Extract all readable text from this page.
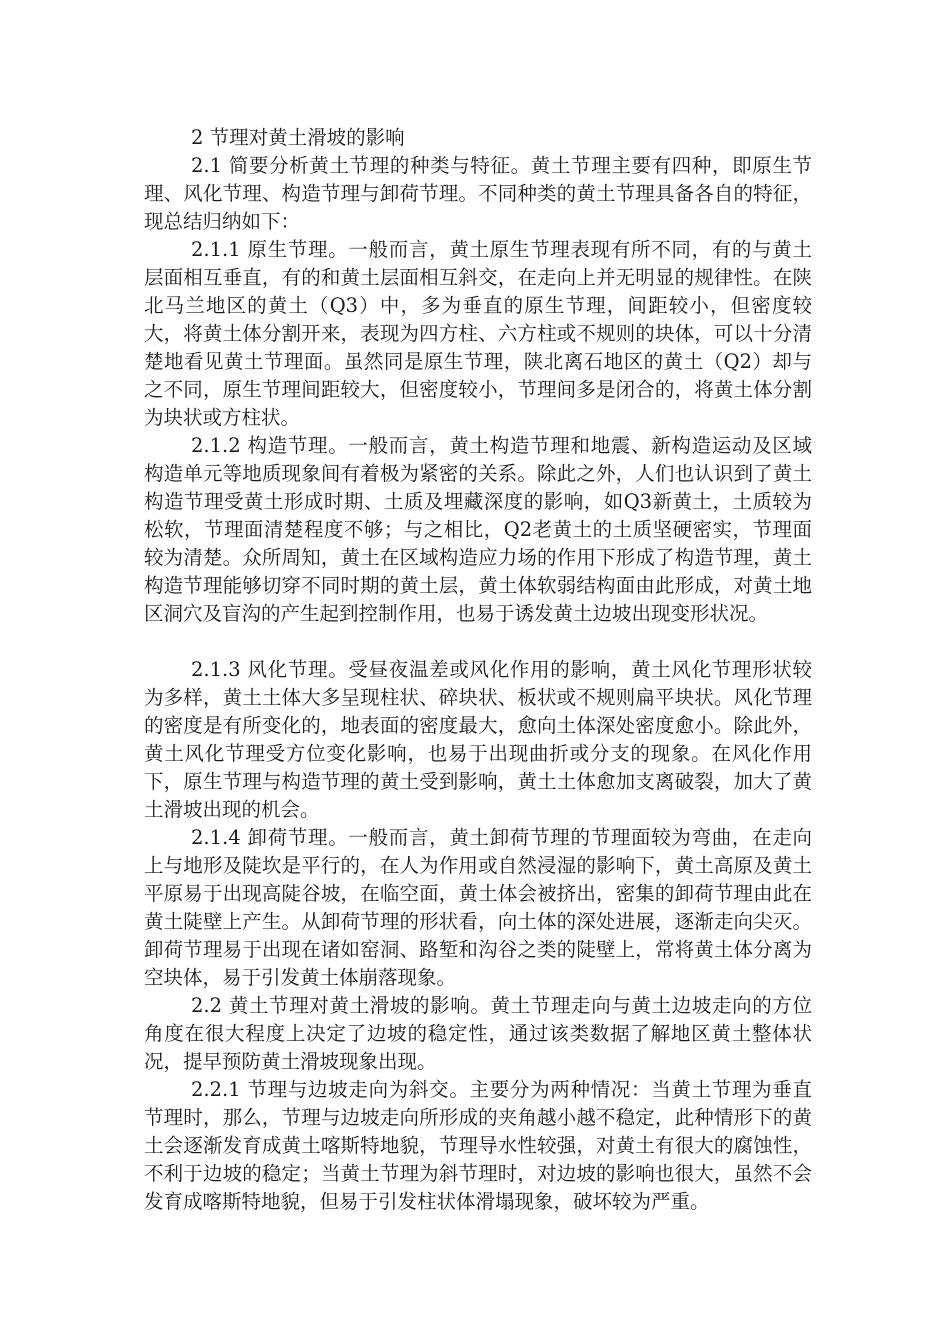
2 节理对黄土滑坡的影响

2.1 简要分析黄土节理的种类与特征。黄土节理主要有四种，即原生节理、风化节理、构造节理与卸荷节理。不同种类的黄土节理具备各自的特征，现总结归纳如下：

2.1.1 原生节理。一般而言，黄土原生节理表现有所不同，有的与黄土层面相互垂直，有的和黄土层面相互斜交，在走向上并无明显的规律性。在陕北马兰地区的黄土（Q3）中，多为垂直的原生节理，间距较小，但密度较大，将黄土体分割开来，表现为四方柱、六方柱或不规则的块体，可以十分清楚地看见黄土节理面。虽然同是原生节理，陕北离石地区的黄土（Q2）却与之不同，原生节理间距较大，但密度较小，节理间多是闭合的，将黄土体分割为块状或方柱状。

2.1.2 构造节理。一般而言，黄土构造节理和地震、新构造运动及区域构造单元等地质现象间有着极为紧密的关系。除此之外，人们也认识到了黄土构造节理受黄土形成时期、土质及埋藏深度的影响，如Q3新黄土，土质较为松软，节理面清楚程度不够；与之相比，Q2老黄土的土质坚硬密实，节理面较为清楚。众所周知，黄土在区域构造应力场的作用下形成了构造节理，黄土构造节理能够切穿不同时期的黄土层，黄土体软弱结构面由此形成，对黄土地区洞穴及盲沟的产生起到控制作用，也易于诱发黄土边坡出现变形状况。

2.1.3 风化节理。受昼夜温差或风化作用的影响，黄土风化节理形状较为多样，黄土土体大多呈现柱状、碎块状、板状或不规则扁平块状。风化节理的密度是有所变化的，地表面的密度最大，愈向土体深处密度愈小。除此外，黄土风化节理受方位变化影响，也易于出现曲折或分支的现象。在风化作用下，原生节理与构造节理的黄土受到影响，黄土土体愈加支离破裂，加大了黄土滑坡出现的机会。

2.1.4 卸荷节理。一般而言，黄土卸荷节理的节理面较为弯曲，在走向上与地形及陡坎是平行的，在人为作用或自然浸湿的影响下，黄土高原及黄土平原易于出现高陡谷坡，在临空面，黄土体会被挤出，密集的卸荷节理由此在黄土陡壁上产生。从卸荷节理的形状看，向土体的深处进展，逐渐走向尖灭。卸荷节理易于出现在诸如窑洞、路堑和沟谷之类的陡壁上，常将黄土体分离为空块体，易于引发黄土体崩落现象。

2.2 黄土节理对黄土滑坡的影响。黄土节理走向与黄土边坡走向的方位角度在很大程度上决定了边坡的稳定性，通过该类数据了解地区黄土整体状况，提早预防黄土滑坡现象出现。

2.2.1 节理与边坡走向为斜交。主要分为两种情况：当黄土节理为垂直节理时，那么，节理与边坡走向所形成的夹角越小越不稳定，此种情形下的黄土会逐渐发育成黄土喀斯特地貌，节理导水性较强，对黄土有很大的腐蚀性，不利于边坡的稳定；当黄土节理为斜节理时，对边坡的影响也很大，虽然不会发育成喀斯特地貌，但易于引发柱状体滑塌现象，破坏较为严重。
